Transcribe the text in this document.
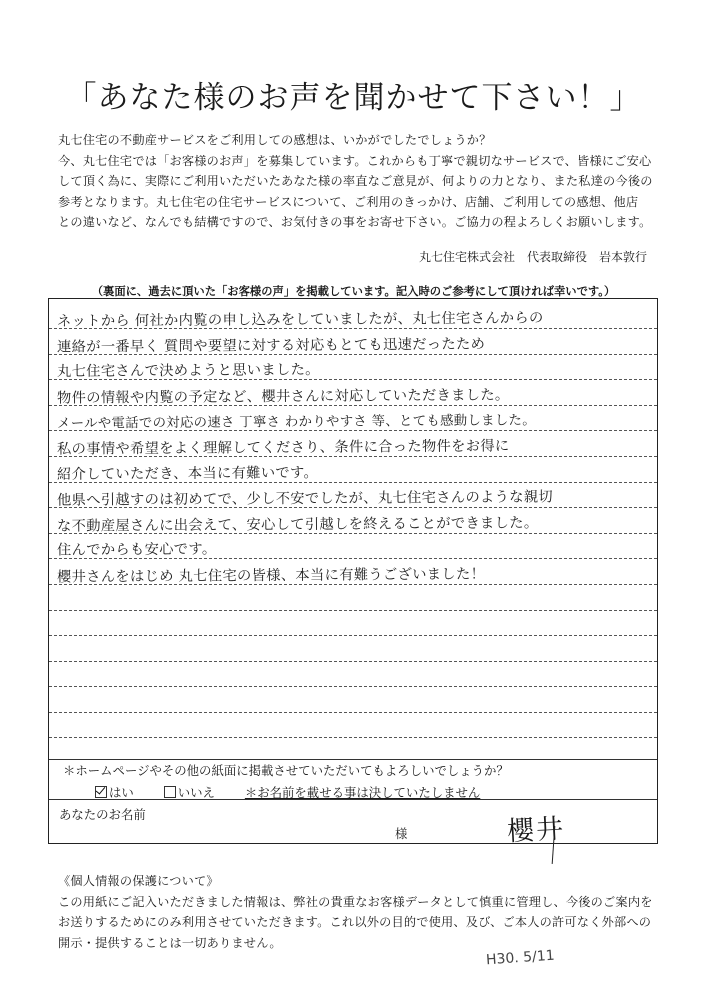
「あなた様のお声を聞かせて下さい！」

丸七住宅の不動産サービスをご利用しての感想は、いかがでしたでしょうか？

今、丸七住宅では「お客様のお声」を募集しています。これからも丁寧で親切なサービスで、皆様にご安心

して頂く為に、実際にご利用いただいたあなた様の率直なご意見が、何よりの力となり、また私達の今後の

参考となります。丸七住宅の住宅サービスについて、ご利用のきっかけ、店舗、ご利用しての感想、他店

との違いなど、なんでも結構ですので、お気付きの事をお寄せ下さい。ご協力の程よろしくお願いします。

丸七住宅株式会社　代表取締役　岩本敦行
（裏面に、過去に頂いた「お客様の声」を掲載しています。記入時のご参考にして頂ければ幸いです。）
ネットから 何社か内覧の申し込みをしていましたが、丸七住宅さんからの
連絡が一番早く 質問や要望に対する対応もとても迅速だったため
丸七住宅さんで決めようと思いました。
物件の情報や内覧の予定など、櫻井さんに対応していただきました。
メールや電話での対応の速さ 丁寧さ わかりやすさ 等、とても感動しました。
私の事情や希望をよく理解してくださり、条件に合った物件をお得に
紹介していただき、本当に有難いです。
他県へ引越すのは初めてで、少し不安でしたが、丸七住宅さんのような親切
な不動産屋さんに出会えて、安心して引越しを終えることができました。
住んでからも安心です。
櫻井さんをはじめ 丸七住宅の皆様、本当に有難うございました！
＊ホームページやその他の紙面に掲載させていただいてもよろしいでしょうか？
はい	いいえ ＊お名前を載せる事は決していたしません
あなたのお名前
様	櫻井

《個人情報の保護について》

この用紙にご記入いただきました情報は、弊社の貴重なお客様データとして慎重に管理し、今後のご案内を

お送りするためにのみ利用させていただきます。これ以外の目的で使用、及び、ご本人の許可なく外部への

開示・提供することは一切ありません。

H30. 5/11
